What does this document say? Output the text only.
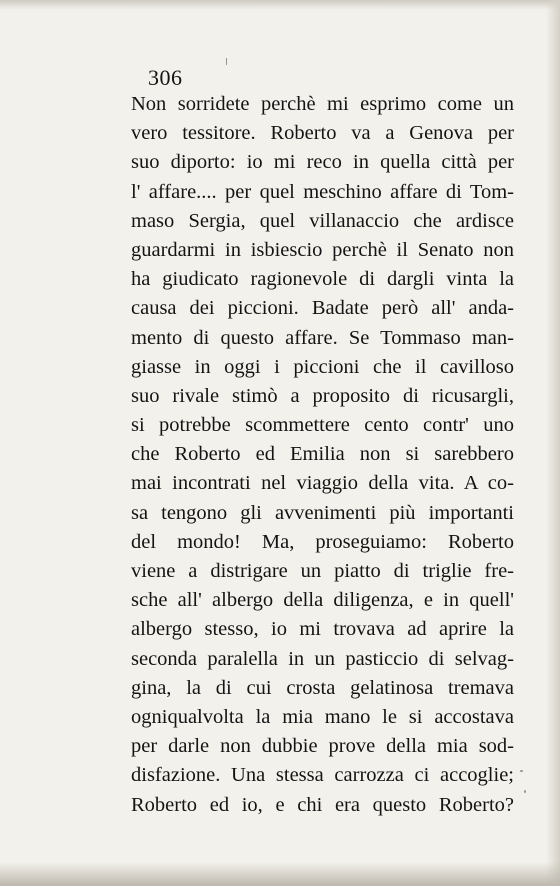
306
Non sorridete perchè mi esprimo come un
vero tessitore. Roberto va a Genova per
suo diporto: io mi reco in quella città per
l' affare.... per quel meschino affare di Tom-
maso Sergia, quel villanaccio che ardisce
guardarmi in isbiescio perchè il Senato non
ha giudicato ragionevole di dargli vinta la
causa dei piccioni. Badate però all' anda-
mento di questo affare. Se Tommaso man-
giasse in oggi i piccioni che il cavilloso
suo rivale stimò a proposito di ricusargli,
si potrebbe scommettere cento contr' uno
che Roberto ed Emilia non si sarebbero
mai incontrati nel viaggio della vita. A co-
sa tengono gli avvenimenti più importanti
del mondo! Ma, proseguiamo: Roberto
viene a distrigare un piatto di triglie fre-
sche all' albergo della diligenza, e in quell'
albergo stesso, io mi trovava ad aprire la
seconda paralella in un pasticcio di selvag-
gina, la di cui crosta gelatinosa tremava
ogniqualvolta la mia mano le si accostava
per darle non dubbie prove della mia sod-
disfazione. Una stessa carrozza ci accoglie;
Roberto ed io, e chi era questo Roberto?
